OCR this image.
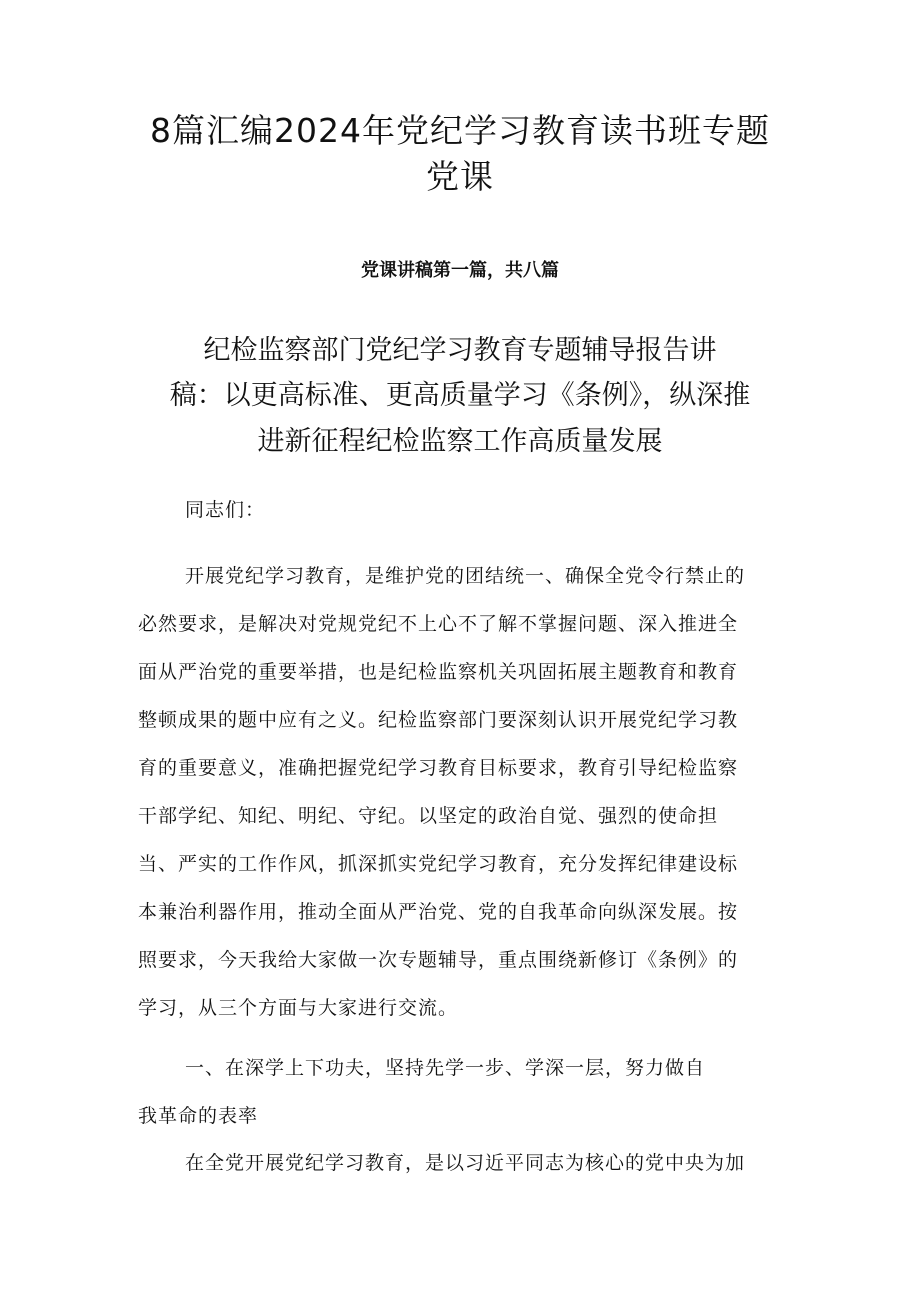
8篇汇编2024年党纪学习教育读书班专题
党课

党课讲稿第一篇，共八篇

纪检监察部门党纪学习教育专题辅导报告讲
稿：以更高标准、更高质量学习《条例》，纵深推
进新征程纪检监察工作高质量发展
同志们：
开展党纪学习教育，是维护党的团结统一、确保全党令行禁止的
必然要求，是解决对党规党纪不上心不了解不掌握问题、深入推进全
面从严治党的重要举措，也是纪检监察机关巩固拓展主题教育和教育
整顿成果的题中应有之义。纪检监察部门要深刻认识开展党纪学习教
育的重要意义，准确把握党纪学习教育目标要求，教育引导纪检监察
干部学纪、知纪、明纪、守纪。以坚定的政治自觉、强烈的使命担
当、严实的工作作风，抓深抓实党纪学习教育，充分发挥纪律建设标
本兼治利器作用，推动全面从严治党、党的自我革命向纵深发展。按
照要求，今天我给大家做一次专题辅导，重点围绕新修订《条例》的
学习，从三个方面与大家进行交流。
一、在深学上下功夫，坚持先学一步、学深一层，努力做自
我革命的表率
在全党开展党纪学习教育，是以习近平同志为核心的党中央为加
